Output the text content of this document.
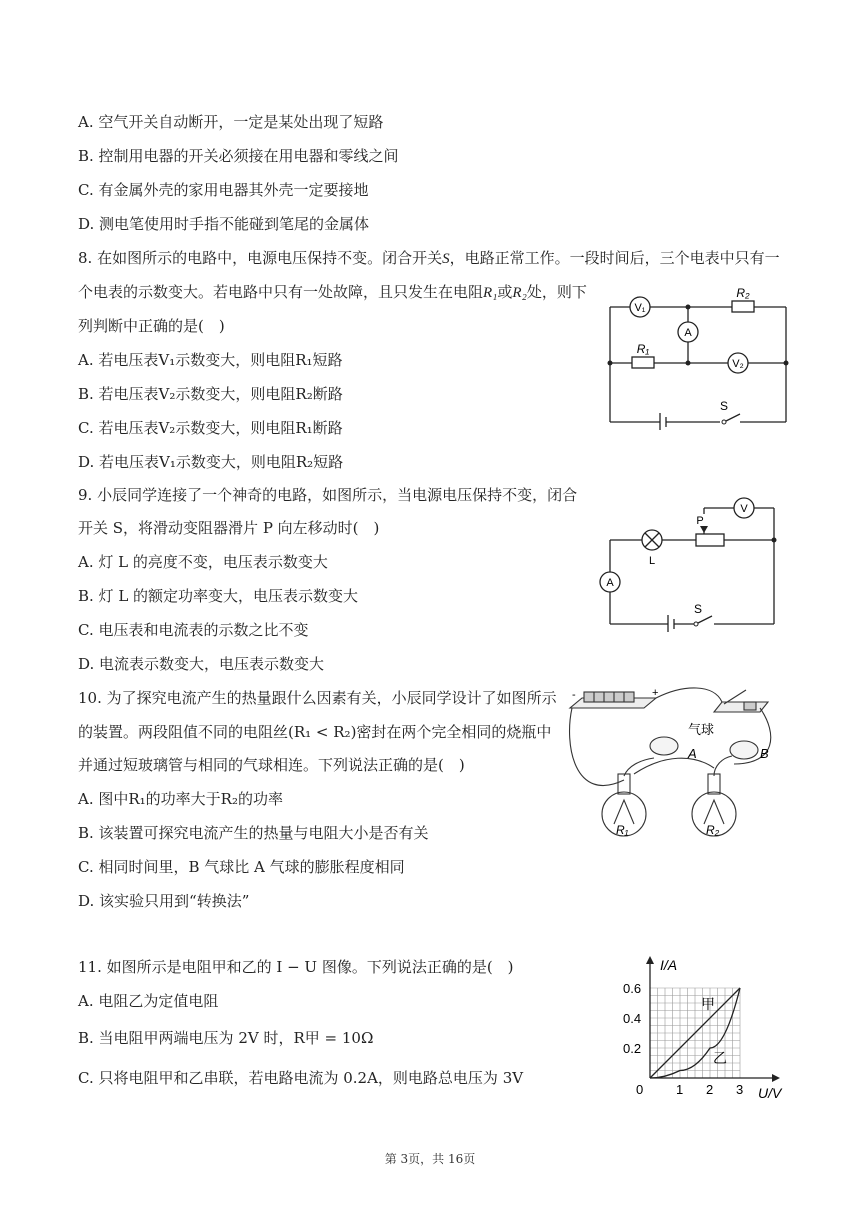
A. 空气开关自动断开，一定是某处出现了短路
B. 控制用电器的开关必须接在用电器和零线之间
C. 有金属外壳的家用电器其外壳一定要接地
D. 测电笔使用时手指不能碰到笔尾的金属体
8. 在如图所示的电路中，电源电压保持不变。闭合开关S，电路正常工作。一段时间后，三个电表中只有一
个电表的示数变大。若电路中只有一处故障，且只发生在电阻R₁或R₂处，则下
列判断中正确的是(　)
A. 若电压表V₁示数变大，则电阻R₁短路
B. 若电压表V₂示数变大，则电阻R₂断路
C. 若电压表V₂示数变大，则电阻R₁断路
D. 若电压表V₁示数变大，则电阻R₂短路
V₁
A
R₂
R₁
V₂
S
9. 小辰同学连接了一个神奇的电路，如图所示，当电源电压保持不变，闭合
开关 S，将滑动变阻器滑片 P 向左移动时(　)
A. 灯 L 的亮度不变，电压表示数变大
B. 灯 L 的额定功率变大，电压表示数变大
C. 电压表和电流表的示数之比不变
D. 电流表示数变大，电压表示数变大
V
P
L
A
S
10. 为了探究电流产生的热量跟什么因素有关，小辰同学设计了如图所示
的装置。两段阻值不同的电阻丝(R₁ < R₂)密封在两个完全相同的烧瓶中
并通过短玻璃管与相同的气球相连。下列说法正确的是(　)
A. 图中R₁的功率大于R₂的功率
B. 该装置可探究电流产生的热量与电阻大小是否有关
C. 相同时间里，B 气球比 A 气球的膨胀程度相同
D. 该实验只用到“转换法”
-	+
气球
A	B
R₁	R₂
11. 如图所示是电阻甲和乙的 I − U 图像。下列说法正确的是(　)
A. 电阻乙为定值电阻
B. 当电阻甲两端电压为 2V 时，R甲 = 10Ω
C. 只将电阻甲和乙串联，若电路电流为 0.2A，则电路总电压为 3V
0	1 2 3
0.2
0.4
0.6
甲
乙
I/A
U/V
第 3页，共 16页
